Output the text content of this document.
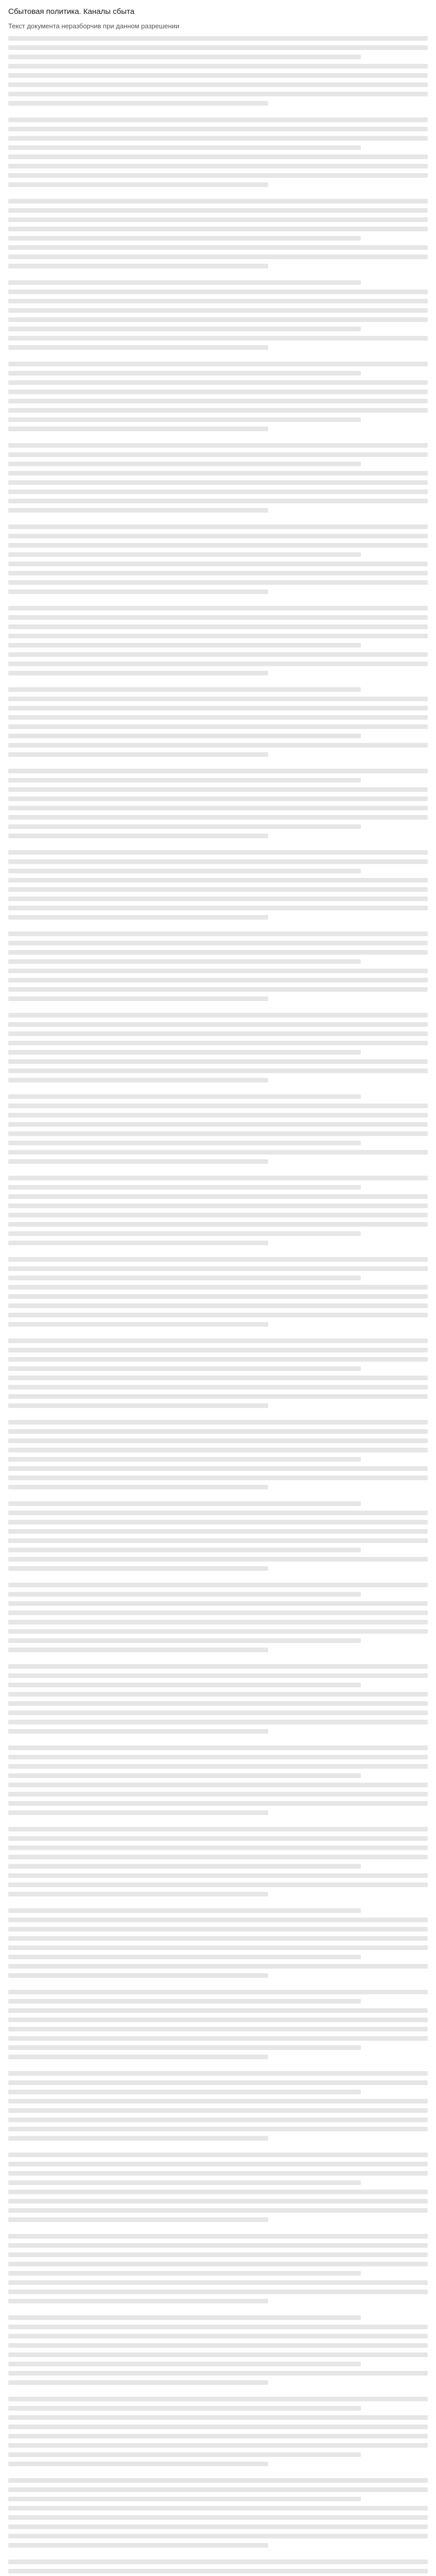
Сбытовая политика. Каналы сбыта

Текст документа неразборчив при данном разрешении
